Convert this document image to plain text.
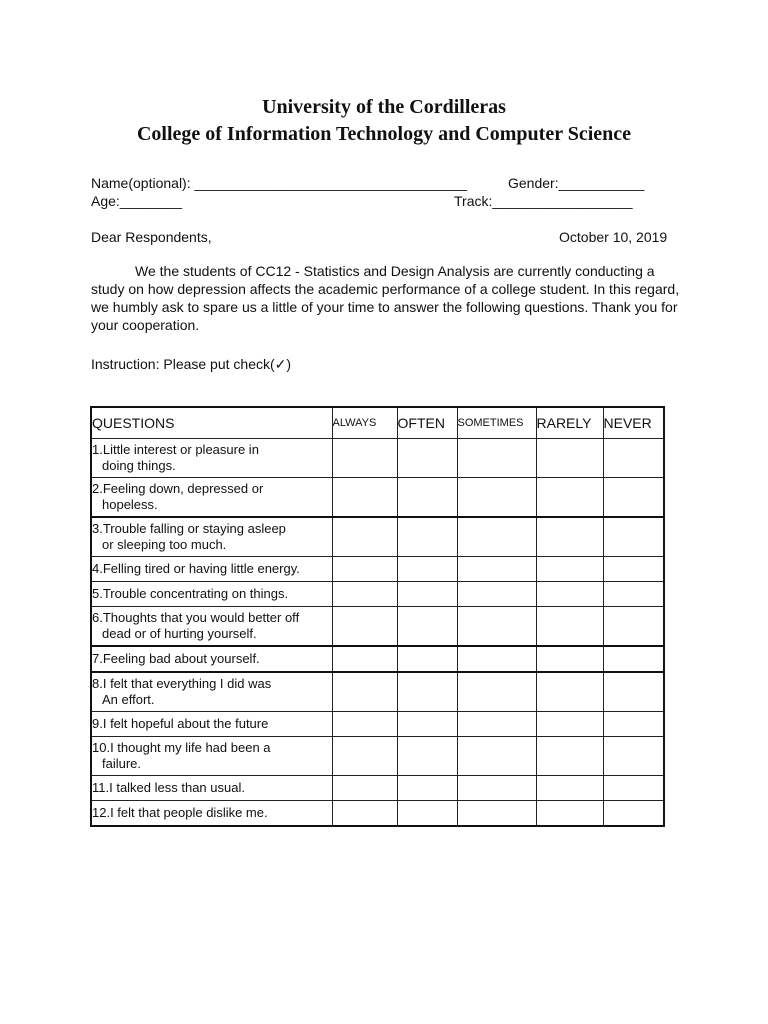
University of the Cordilleras
College of Information Technology and Computer Science
Name(optional): ___________________________________	Gender:___________
Age:________	Track:__________________
Dear Respondents,	October 10, 2019

We the students of CC12 - Statistics and Design Analysis are currently conducting a study on how depression affects the academic performance of a college student. In this regard, we humbly ask to spare us a little of your time to answer the following questions. Thank you for your cooperation.

Instruction: Please put check(✓)
QUESTIONS	ALWAYS	OFTEN	SOMETIMES	RARELY	NEVER
1.Little interest or pleasure in
doing things.					

2.Feeling down, depressed or
hopeless.					

3.Trouble falling or staying asleep
or sleeping too much.					

4.Felling tired or having little energy.					
5.Trouble concentrating on things.					
6.Thoughts that you would better off
dead or of hurting yourself.					

7.Feeling bad about yourself.					
8.I felt that everything I did was
An effort.					

9.I felt hopeful about the future					
10.I thought my life had been a
failure.					

11.I talked less than usual.					
12.I felt that people dislike me.					
